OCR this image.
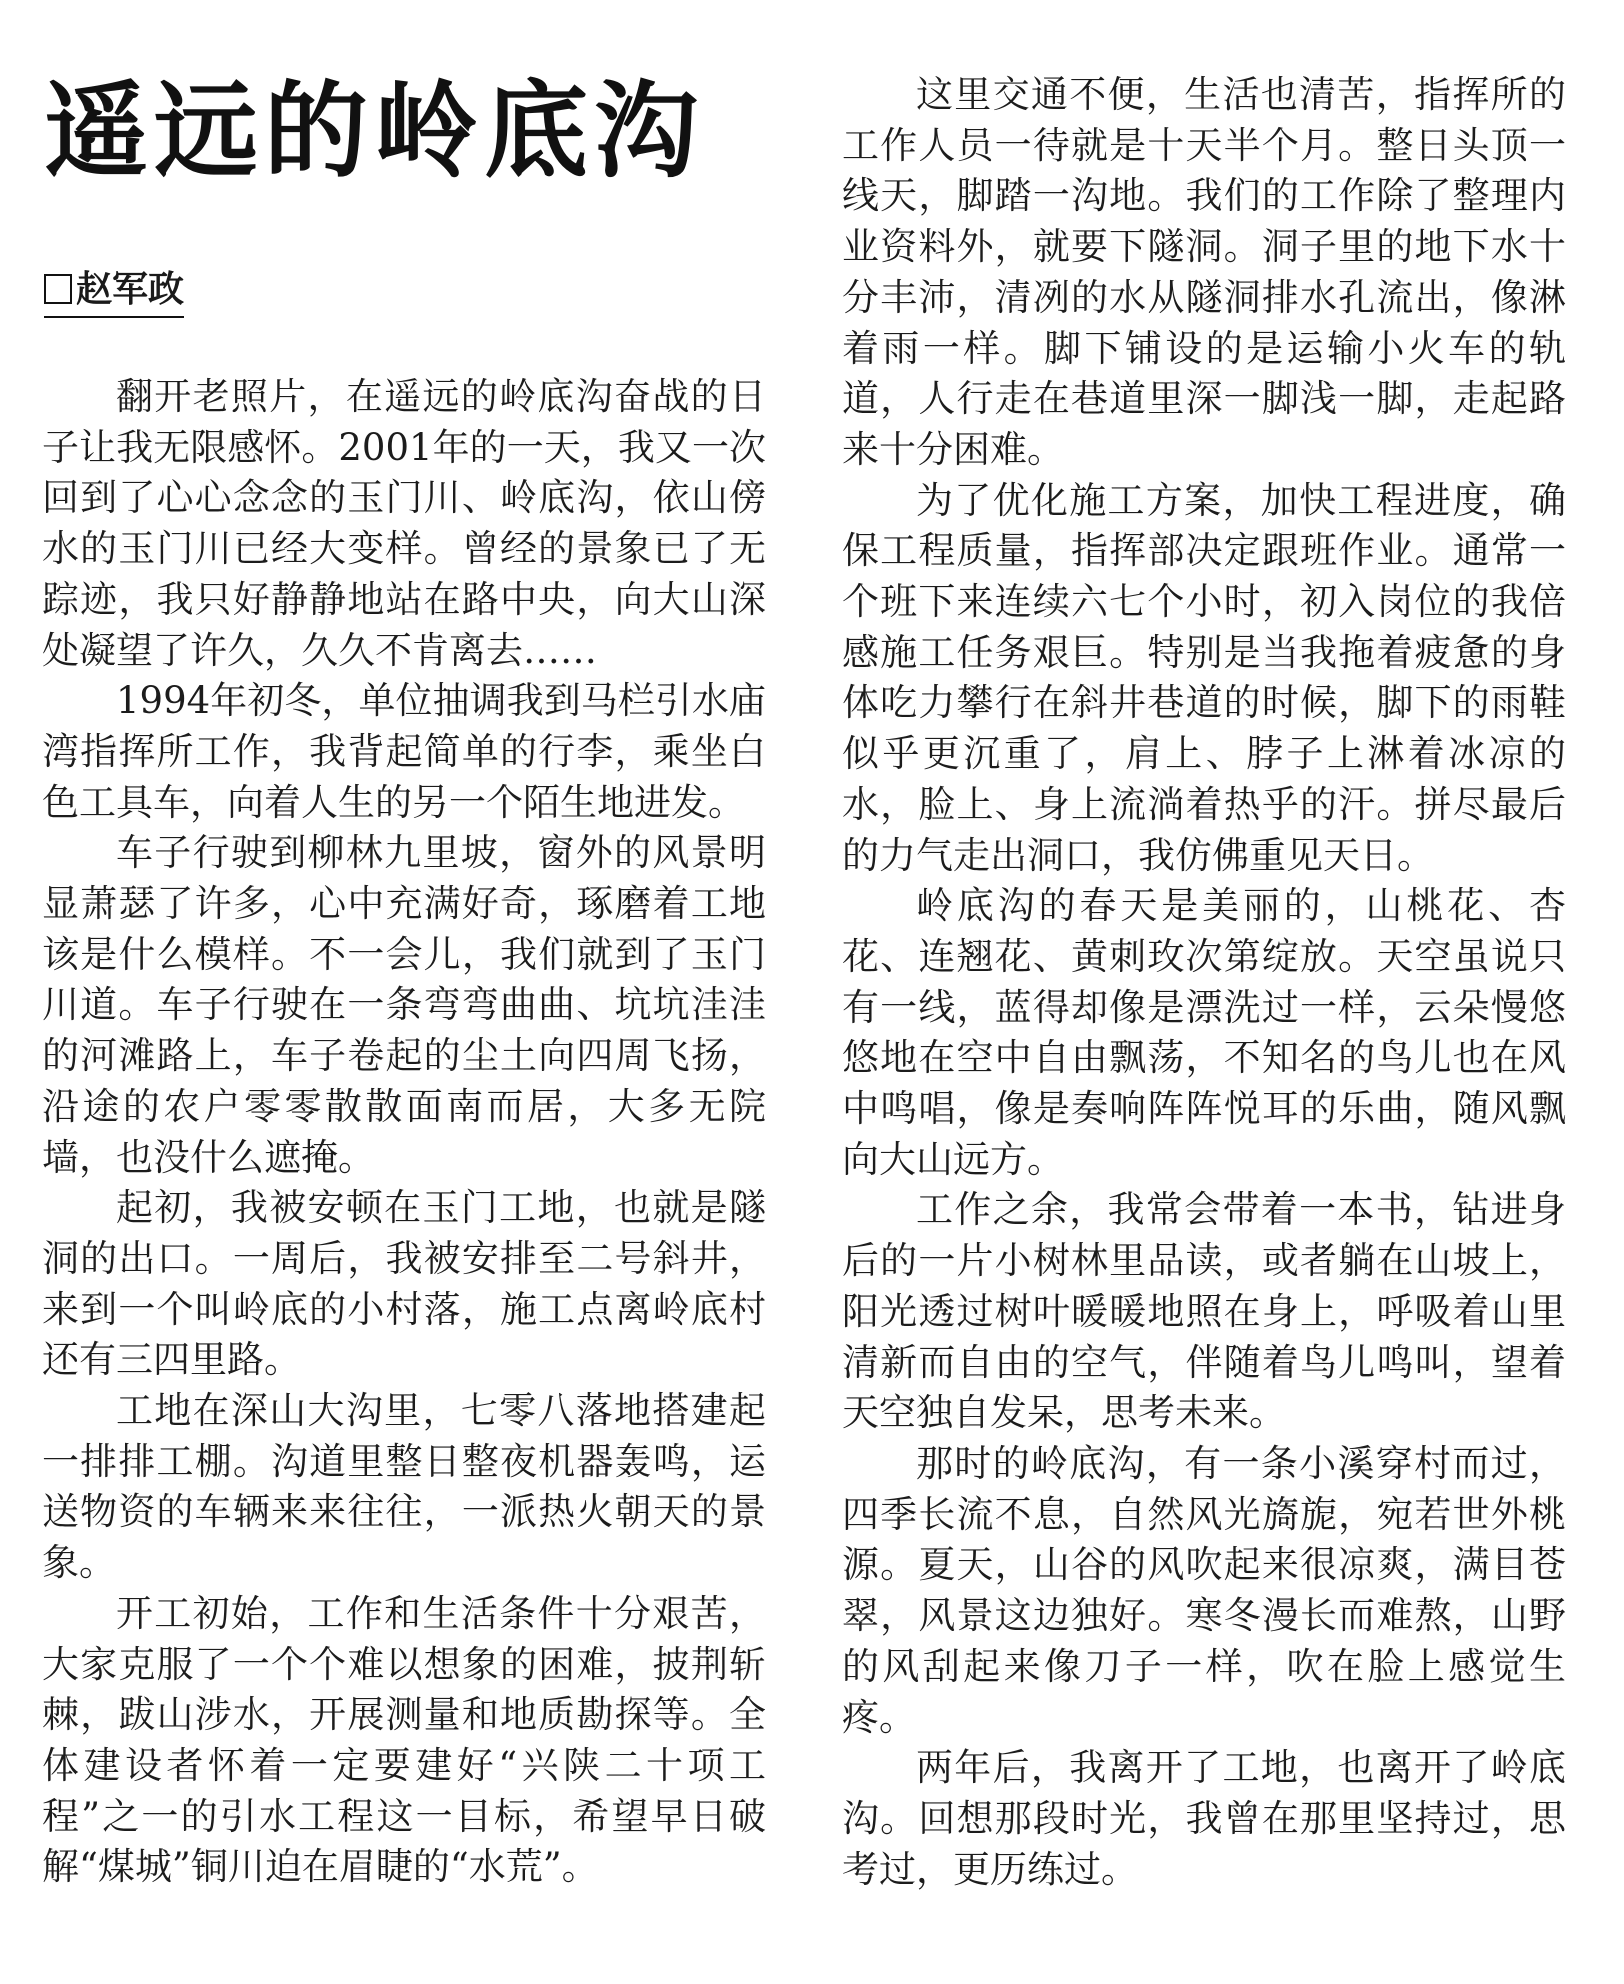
遥远的岭底沟
赵军政

翻开老照片，在遥远的岭底沟奋战的日子让我无限感怀。2001年的一天，我又一次回到了心心念念的玉门川、岭底沟，依山傍水的玉门川已经大变样。曾经的景象已了无踪迹，我只好静静地站在路中央，向大山深处凝望了许久，久久不肯离去……

1994年初冬，单位抽调我到马栏引水庙湾指挥所工作，我背起简单的行李，乘坐白色工具车，向着人生的另一个陌生地进发。

车子行驶到柳林九里坡，窗外的风景明显萧瑟了许多，心中充满好奇，琢磨着工地该是什么模样。不一会儿，我们就到了玉门川道。车子行驶在一条弯弯曲曲、坑坑洼洼的河滩路上，车子卷起的尘土向四周飞扬，沿途的农户零零散散面南而居，大多无院墙，也没什么遮掩。

起初，我被安顿在玉门工地，也就是隧洞的出口。一周后，我被安排至二号斜井，来到一个叫岭底的小村落，施工点离岭底村还有三四里路。

工地在深山大沟里，七零八落地搭建起一排排工棚。沟道里整日整夜机器轰鸣，运送物资的车辆来来往往，一派热火朝天的景象。

开工初始，工作和生活条件十分艰苦，大家克服了一个个难以想象的困难，披荆斩棘，跋山涉水，开展测量和地质勘探等。全体建设者怀着一定要建好“兴陕二十项工程”之一的引水工程这一目标，希望早日破解“煤城”铜川迫在眉睫的“水荒”。

这里交通不便，生活也清苦，指挥所的工作人员一待就是十天半个月。整日头顶一线天，脚踏一沟地。我们的工作除了整理内业资料外，就要下隧洞。洞子里的地下水十分丰沛，清冽的水从隧洞排水孔流出，像淋着雨一样。脚下铺设的是运输小火车的轨道，人行走在巷道里深一脚浅一脚，走起路来十分困难。

为了优化施工方案，加快工程进度，确保工程质量，指挥部决定跟班作业。通常一个班下来连续六七个小时，初入岗位的我倍感施工任务艰巨。特别是当我拖着疲惫的身体吃力攀行在斜井巷道的时候，脚下的雨鞋似乎更沉重了，肩上、脖子上淋着冰凉的水，脸上、身上流淌着热乎的汗。拼尽最后的力气走出洞口，我仿佛重见天日。

岭底沟的春天是美丽的，山桃花、杏花、连翘花、黄刺玫次第绽放。天空虽说只有一线，蓝得却像是漂洗过一样，云朵慢悠悠地在空中自由飘荡，不知名的鸟儿也在风中鸣唱，像是奏响阵阵悦耳的乐曲，随风飘向大山远方。

工作之余，我常会带着一本书，钻进身后的一片小树林里品读，或者躺在山坡上，阳光透过树叶暖暖地照在身上，呼吸着山里清新而自由的空气，伴随着鸟儿鸣叫，望着天空独自发呆，思考未来。

那时的岭底沟，有一条小溪穿村而过，四季长流不息，自然风光旖旎，宛若世外桃源。夏天，山谷的风吹起来很凉爽，满目苍翠，风景这边独好。寒冬漫长而难熬，山野的风刮起来像刀子一样，吹在脸上感觉生疼。

两年后，我离开了工地，也离开了岭底沟。回想那段时光，我曾在那里坚持过，思考过，更历练过。
